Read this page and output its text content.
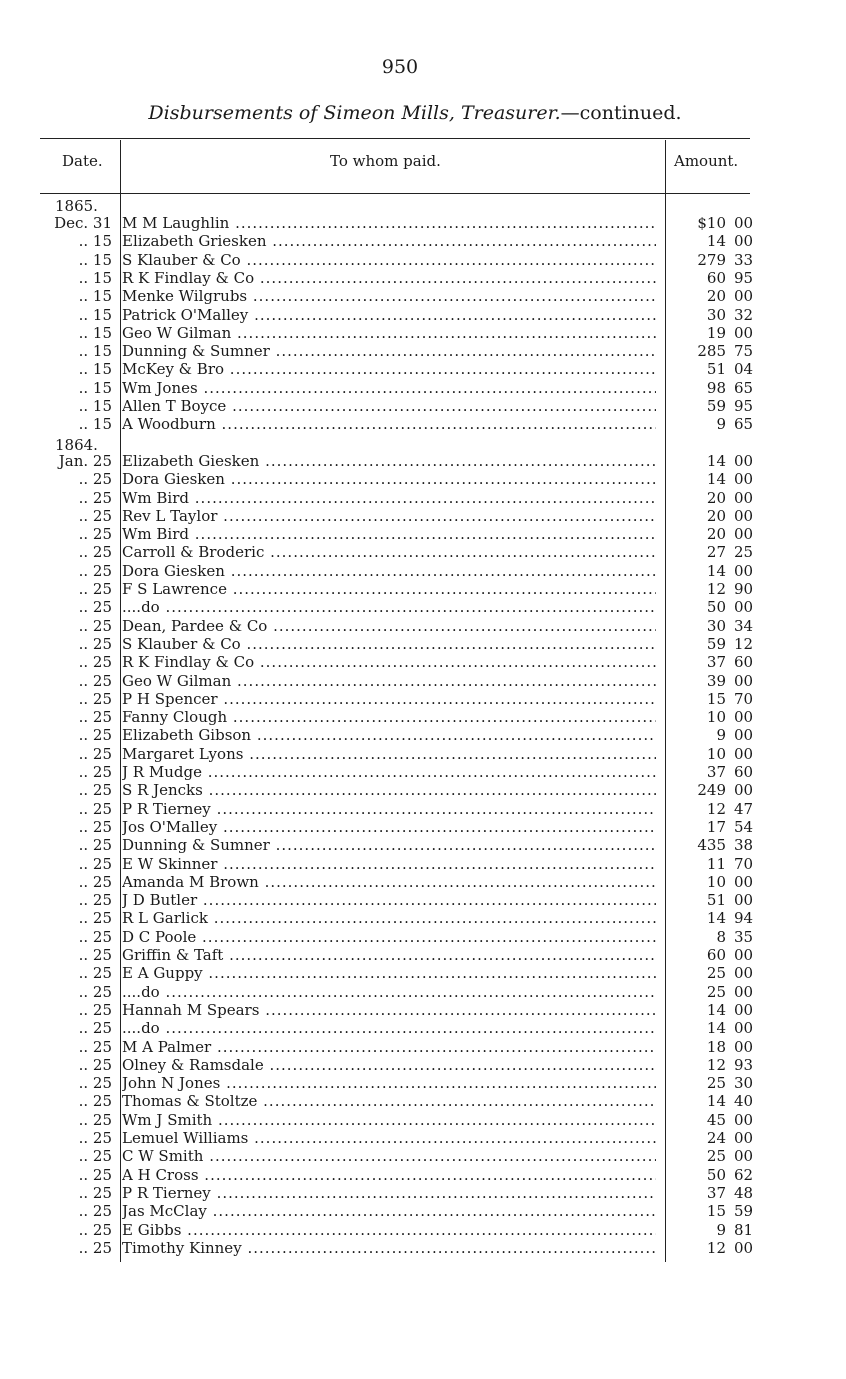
950
Disbursements of Simeon Mills, Treasurer.—continued.
Date.	To whom paid.	Amount.
1865.
1864.
Dec. 31 M M Laughlin .....	$10 00
.. 15 Elizabeth Griesken .....	14 00
.. 15 S Klauber & Co .....	279 33
.. 15 R K Findlay & Co .....	60 95
.. 15 Menke Wilgrubs .....	20 00
.. 15 Patrick O'Malley .....	30 32
.. 15 Geo W Gilman .....	19 00
.. 15 Dunning & Sumner .....	285 75
.. 15 McKey & Bro .....	51 04
.. 15 Wm Jones .....	98 65
.. 15 Allen T Boyce .....	59 95
.. 15 A Woodburn .....	9 65
Jan. 25 Elizabeth Giesken .....	14 00
.. 25 Dora Giesken .....	14 00
.. 25 Wm Bird .....	20 00
.. 25 Rev L Taylor .....	20 00
.. 25 Wm Bird .....	20 00
.. 25 Carroll & Broderic .....	27 25
.. 25 Dora Giesken .....	14 00
.. 25 F S Lawrence .....	12 90
.. 25 ....do .....	50 00
.. 25 Dean, Pardee & Co .....	30 34
.. 25 S Klauber & Co .....	59 12
.. 25 R K Findlay & Co .....	37 60
.. 25 Geo W Gilman .....	39 00
.. 25 P H Spencer .....	15 70
.. 25 Fanny Clough .....	10 00
.. 25 Elizabeth Gibson .....	9 00
.. 25 Margaret Lyons .....	10 00
.. 25 J R Mudge .....	37 60
.. 25 S R Jencks .....	249 00
.. 25 P R Tierney .....	12 47
.. 25 Jos O'Malley .....	17 54
.. 25 Dunning & Sumner .....	435 38
.. 25 E W Skinner .....	11 70
.. 25 Amanda M Brown .....	10 00
.. 25 J D Butler .....	51 00
.. 25 R L Garlick .....	14 94
.. 25 D C Poole .....	8 35
.. 25 Griffin & Taft .....	60 00
.. 25 E A Guppy .....	25 00
.. 25 ....do .....	25 00
.. 25 Hannah M Spears .....	14 00
.. 25 ....do .....	14 00
.. 25 M A Palmer .....	18 00
.. 25 Olney & Ramsdale .....	12 93
.. 25 John N Jones .....	25 30
.. 25 Thomas & Stoltze .....	14 40
.. 25 Wm J Smith .....	45 00
.. 25 Lemuel Williams .....	24 00
.. 25 C W Smith .....	25 00
.. 25 A H Cross .....	50 62
.. 25 P R Tierney .....	37 48
.. 25 Jas McClay .....	15 59
.. 25 E Gibbs .....	9 81
.. 25 Timothy Kinney .....	12 00
